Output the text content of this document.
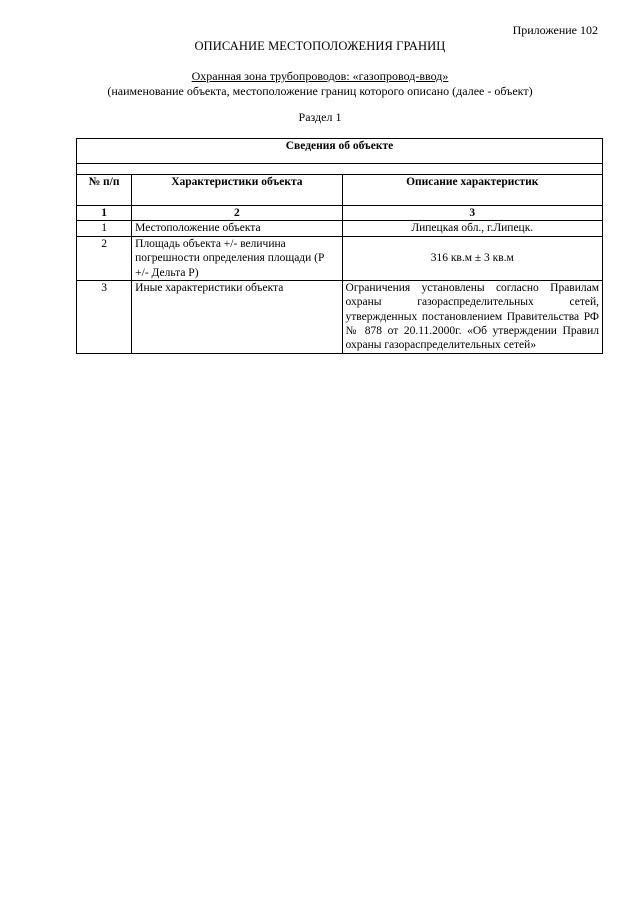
Приложение 102
ОПИСАНИЕ МЕСТОПОЛОЖЕНИЯ ГРАНИЦ
Охранная зона трубопроводов: «газопровод-ввод»
(наименование объекта, местоположение границ которого описано (далее - объект)
Раздел 1
Сведения об объекте		

№ п/п	Характеристики объекта	Описание характеристик
1	2	3
1	Местоположение объекта	Липецкая обл., г.Липецк.
2	Площадь объекта +/- величина погрешности определения площади (Р +/- Дельта Р)	316 кв.м ± 3 кв.м
3	Иные характеристики объекта	Ограничения установлены согласно Правилам охраны газораспределительных сетей, утвержденных постановлением Правительства РФ № 878 от 20.11.2000г. «Об утверждении Правил охраны газораспределительных сетей»
